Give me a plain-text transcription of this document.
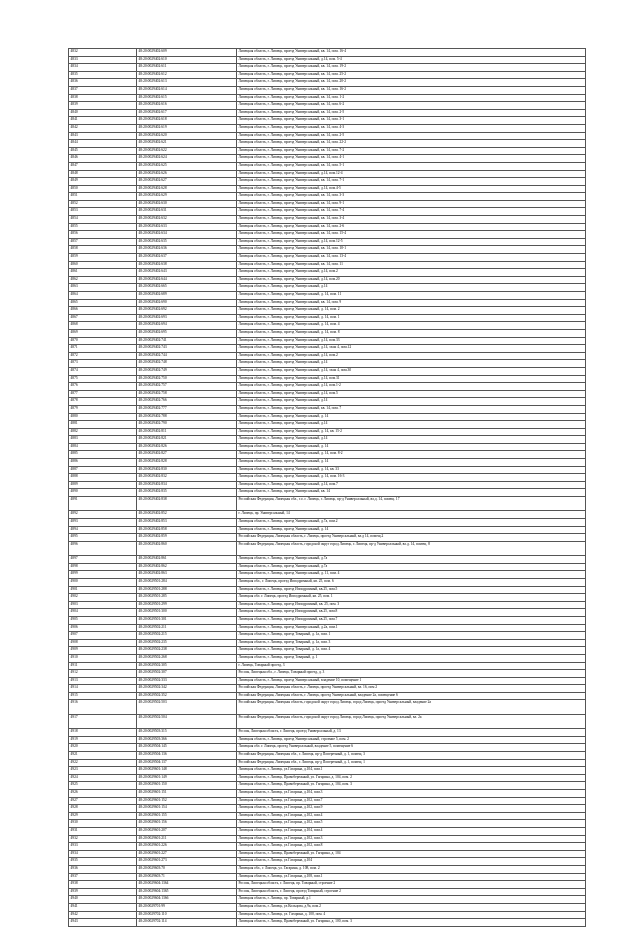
4832	48:20:0029402:609	Липецкая область, г. Липецк, проезд Универсальный, кв. 14, пом. 16-4
4833	48:20:0029402:610	Липецкая область, г. Липецк, проезд Универсальный, д.14, пом. 5-4
4834	48:20:0029402:611	Липецкая область, г. Липецк, проезд Универсальный, кв. 14, пом. 19-2
4835	48:20:0029402:612	Липецкая область, г. Липецк, проезд Универсальный, кв. 14, пом. 25-2
4836	48:20:0029402:613	Липецкая область, г. Липецк, проезд Универсальный, кв. 14, пом. 20-2
4837	48:20:0029402:614	Липецкая область, г. Липецк, проезд Универсальный, кв. 14, пом. 16-2
4838	48:20:0029402:615	Липецкая область, г. Липецк, проезд Универсальный, кв. 14, пом. 1-2
4839	48:20:0029402:616	Липецкая область, г. Липецк, проезд Универсальный, кв. 14, пом. 6-2
4840	48:20:0029402:617	Липецкая область, г. Липецк, проезд Универсальный, кв. 14, пом. 2-5
4841	48:20:0029402:618	Липецкая область, г. Липецк, проезд Универсальный, кв. 14, пом. 3-1
4842	48:20:0029402:619	Липецкая область, г. Липецк, проезд Универсальный, кв. 14, пом. 4-3
4843	48:20:0029402:620	Липецкая область, г. Липецк, проезд Универсальный, кв. 14, пом. 2-5
4844	48:20:0029402:621	Липецкая область, г. Липецк, проезд Универсальный, кв. 14, пом. 22-2
4845	48:20:0029402:622	Липецкая область, г. Липецк, проезд Универсальный, кв. 14, пом. 7-2
4846	48:20:0029402:624	Липецкая область, г. Липецк, проезд Универсальный, кв. 14, пом. 4-1
4847	48:20:0029402:625	Липецкая область, г. Липецк, проезд Универсальный, кв. 14, пом. 5-1
4848	48:20:0029402:626	Липецкая область, г. Липецк, проезд Универсальный, д.14, пом.12-4
4849	48:20:0029402:627	Липецкая область, г. Липецк, проезд Универсальный, кв. 14, пом. 7-1
4850	48:20:0029402:628	Липецкая область, г. Липецк, проезд Универсальный, д.14, пом.4-5
4851	48:20:0029402:629	Липецкая область, г. Липецк, проезд Универсальный, кв. 14, пом. 3-3
4852	48:20:0029402:630	Липецкая область, г. Липецк, проезд Универсальный, кв. 14, пом. 9-1
4853	48:20:0029402:631	Липецкая область, г. Липецк, проезд Универсальный, кв. 14, пом. 7-4
4854	48:20:0029402:632	Липецкая область, г. Липецк, проезд Универсальный, кв. 14, пом. 3-4
4855	48:20:0029402:633	Липецкая область, г. Липецк, проезд Универсальный, кв. 14, пом. 2-6
4856	48:20:0029402:634	Липецкая область, г. Липецк, проезд Универсальный, кв. 14, пом. 15-4
4857	48:20:0029402:635	Липецкая область, г. Липецк, проезд Универсальный, д.14, пом.12-5
4858	48:20:0029402:636	Липецкая область, г. Липецк, проезд Универсальный, кв. 14, пом. 10-1
4859	48:20:0029402:637	Липецкая область, г. Липецк, проезд Универсальный, кв. 14, пом. 13-4
4860	48:20:0029402:638	Липецкая область, г. Липецк, проезд Универсальный, кв. 14, пом. 11
4861	48:20:0029402:643	Липецкая область, г. Липецк, проезд Универсальный, д.14, пом.2
4862	48:20:0029402:644	Липецкая область, г. Липецк, проезд Универсальный, д.14, пом.20
4863	48:20:0029402:665	Липецкая область, г. Липецк, проезд Универсальный, д.14
4864	48:20:0029402:689	Липецкая область, г. Липецк, проезд Универсальный, д. 14, пом. 11
4865	48:20:0029402:690	Липецкая область, г. Липецк, проезд Универсальный, кв. 14, пом. 9
4866	48:20:0029402:692	Липецкая область, г. Липецк, проезд Универсальный, д. 14, пом. 2
4867	48:20:0029402:693	Липецкая область, г. Липецк, проезд Универсальный, д. 14, пом. 1
4868	48:20:0029402:694	Липецкая область, г. Липецк, проезд Универсальный, д. 14, пом. 4
4869	48:20:0029402:695	Липецкая область, г. Липецк, проезд Универсальный, д. 14, пом. 8
4870	48:20:0029402:741	Липецкая область, г. Липецк, проезд Универсальный, д.14, пом.33
4871	48:20:0029402:743	Липецкая область, г. Липецк, проезд Универсальный, д.14, эзаж 4, пом.12
4872	48:20:0029402:744	Липецкая область, г. Липецк, проезд Универсальный, д.14, пом.2
4873	48:20:0029402:748	Липецкая область, г. Липецк, проезд Универсальный, д.14
4874	48:20:0029402:749	Липецкая область, г. Липецк, проезд Универсальный, д.14, эзаж 4, пом.30
4875	48:20:0029402:750	Липецкая область, г. Липецк, проезд Универсальный, д.14, пом.31
4876	48:20:0029402:757	Липецкая область, г. Липецк, проезд Универсальный, д.14, пом.1-2
4877	48:20:0029402:758	Липецкая область, г. Липецк, проезд Универсальный, д.14, пом.5
4878	48:20:0029402:766	Липецкая область, г. Липецк, проезд Универсальный, д.14
4879	48:20:0029402:777	Липецкая область, г. Липецк, проезд Универсальный, кв. 14, пом. 7
4880	48:20:0029402:788	Липецкая область, г. Липецк, проезд Универсальный, д. 14
4881	48:20:0029402:790	Липецкая область, г. Липецк, проезд Универсальный, д.14
4882	48:20:0029402:811	Липецкая область, г. Липецк, проезд Универсальный, д. 14, кв. 15-2
4883	48:20:0029402:821	Липецкая область, г. Липецк, проезд Универсальный, д.14
4884	48:20:0029402:826	Липецкая область, г. Липецк, проезд Универсальный, д. 14
4885	48:20:0029402:827	Липецкая область, г. Липецк, проезд Универсальный, д. 14, пом. 8-2
4886	48:20:0029402:828	Липецкая область, г. Липецк, проезд Универсальный, д. 14
4887	48:20:0029402:830	Липецкая область, г. Липецк, проезд Универсальный, д. 14, кв. 33
4888	48:20:0029402:832	Липецкая область, г. Липецк, проезд Универсальный, д. 14, пом. 16-3
4889	48:20:0029402:834	Липецкая область, г. Липецк, проезд Универсальный, д.14, пом.7
4890	48:20:0029402:835	Липецкая область, г. Липецк, проезд Универсальный, кв. 14
4891	48:20:0029402:838	Российская Федерация, Липецкая обл., г.о. г. Липецк, г. Липецк, пр-д Универсальный, вл.д. 14, помещ. 17
4892	48:20:0029402:852	г. Липецк, пр. Универсальный, 14
4893	48:20:0029402:853	Липецкая область, г. Липецк, проезд Универсальный, д.7а, пом.2
4894	48:20:0029402:858	Липецкая область, г. Липецк, проезд Универсальный, д. 14
4895	48:20:0029402:859	Российская Федерация, Липецкая область, г. Липецк, проезд Универсальный, вл.д 14, помещ.2
4896	48:20:0029402:860	Российская Федерация, Липецкая область, городской округ город Липецк, г. Липецк, пр-д Универсальный, вл.д. 14, помещ. 8
4897	48:20:0029402:861	Липецкая область, г. Липецк, проезд Универсальный, д.7а
4898	48:20:0029402:862	Липецкая область, г. Липецк, проезд Универсальный, д.7а
4899	48:20:0029402:863	Липецкая область, г. Липецк, проезд Универсальный, д. 11, пом. 4
4900	48:20:0029501:284	Липецкая обл., г. Липецк, проезд Ипподромный, кв. 25, пом. 6
4901	48:20:0029501:288	Липецкая область, г. Липецк, проезд Ипподромный, кв.25, пом.5
4902	48:20:0029501:285	Липецкая обл. г. Липецк, проезд Ипподромный, кв. 25, пом. 1
4903	48:20:0029501:299	Липецкая область, г. Липецк, проезд Ипподромный, кв. 25, пом. 3
4904	48:20:0029501:300	Липецкая область, г. Липецк, проезд Ипподромный, кв.25, пом.8
4905	48:20:0029501:301	Липецкая область, г. Липецк, проезд Ипподромный, кв.25, пом.7
4906	48:20:0029502:211	Липецкая область, г. Липецк, проезд Универсальный, д.2а, пом.1
4907	48:20:0029502:215	Липецкая область, г. Липецк, проезд Товарный, д. 1а, пом. 1
4908	48:20:0029502:235	Липецкая область, г. Липецк, проезд Товарный, д. 1а, пом. 3
4909	48:20:0029502:238	Липецкая область, г. Липецк, проезд Товарный, д. 1а, пом. 4
4910	48:20:0029502:268	Липецкая область, г. Липецк, проезд Товарный, д. 1
4911	48:20:0029502:305	г. Липецк, Товарный проезд, 3
4912	48:20:0029502:307	Россия, Липецкая обл., г. Липецк, Товарный проезд, д. 3
4913	48:20:0029502:333	Липецкая область, г. Липецк, проезд Универсальный, владение 10, помещение 1
4914	48:20:0029502:342	Российская Федерация, Липецкая область, г. Липецк, проезд Универсальный, вл. 16, пом 2
4915	48:20:0029502:352	Российская Федерация, Липецкая область, г. Липецк, проезд Универсальный, владение 2а, помещение 6
4916	48:20:0029502:503	Российская Федерация, Липецкая область, городской округ город Липецк, город Липецк, проезд Универсальный, владение 2а
4917	48:20:0029502:504	Российская Федерация, Липецкая область, городской округ город Липецк, город Липецк, проезд Универсальный, вл. 2а
4918	48:20:0029503:315	Россия, Липецкая область, г. Липецк, проезд Универсальный, д. 13
4919	48:20:0029503:366	Липецкая область, г. Липецк, проезд Универсальный, строение 5, пом. 2
4920	48:20:0029504:145	Липецкая обл. г. Липецк, проезд Универсальный, владение 5, помещение 6
4921	48:20:0029504:136	Российская Федерация, Липецкая обл., г. Липецк, пр-д Поперечный, д. 1, помещ. 3
4922	48:20:0029504:137	Российская Федерация, Липецкая обл., г. Липецк, пр-д Поперечный, д. 1, помещ. 1
4923	48:20:0029601:148	Липецкая область, г. Липецк, ул.Гагарина, д.104, пом.1
4924	48:20:0029601:149	Липецкая область, г. Липецк, Правобережный, ул. Гагарина, д. 104, пом. 2
4925	48:20:0029601:150	Липецкая область, г. Липецк, Правобережный, ул. Гагарина, д. 104, пом. 3
4926	48:20:0029601:151	Липецкая область, г. Липецк, ул.Гагарина, д.104, пом.3
4927	48:20:0029601:152	Липецкая область, г. Липецк, ул.Гагарина, д.102, пом.7
4928	48:20:0029601:154	Липецкая область, г. Липецк, ул.Гагарина, д.102, пом.9
4929	48:20:0029601:155	Липецкая область, г. Липецк, ул.Гагарина, д.102, пом.4
4930	48:20:0029601:156	Липецкая область, г. Липецк, ул.Гагарина, д.102, пом.5
4931	48:20:0029601:207	Липецкая область, г. Липецк, ул.Гагарина, д.104, пом.4
4932	48:20:0029601:211	Липецкая область, г. Липецк, ул.Гагарина, д.102, пом.3
4933	48:20:0029601:226	Липецкая область, г. Липецк, ул.Гагарина, д.102, пом.8
4934	48:20:0029601:227	Липецкая область, г. Липецк, Правобережный, ул. Гагарина, д. 104
4935	48:20:0029601:273	Липецкая область, г. Липецк, ул.Гагарина, д.104
4936	48:20:0029603:70	Липецкая обл., г. Липецк, ул. Гагарина, д. 108, пом. 2
4937	48:20:0029603:71	Липецкая область, г. Липецк, ул.Гагарина, д.108, пом.1
4938	48:20:0029604:1364	Россия, Липецкая область, г. Липецк, пр. Товарный, строение 2
4939	48:20:0029604:1365	Россия, Липецкая область, г. Липецк, проезд Товарный, строение 2
4940	48:20:0029604:1366	Липецкая область, г. Липецк, пр. Товарный, д.1
4941	48:20:0029701:99	Липецкая область, г. Липецк, ул.Кольцова, д.9а, пом.2
4942	48:20:0029702:110	Липецкая область, г. Липецк, ул. Гагарина, д. 100, пом. 4
4943	48:20:0029702:114	Липецкая область, г. Липецк, Правобережный, ул. Гагарина, д. 100, пом. 3
